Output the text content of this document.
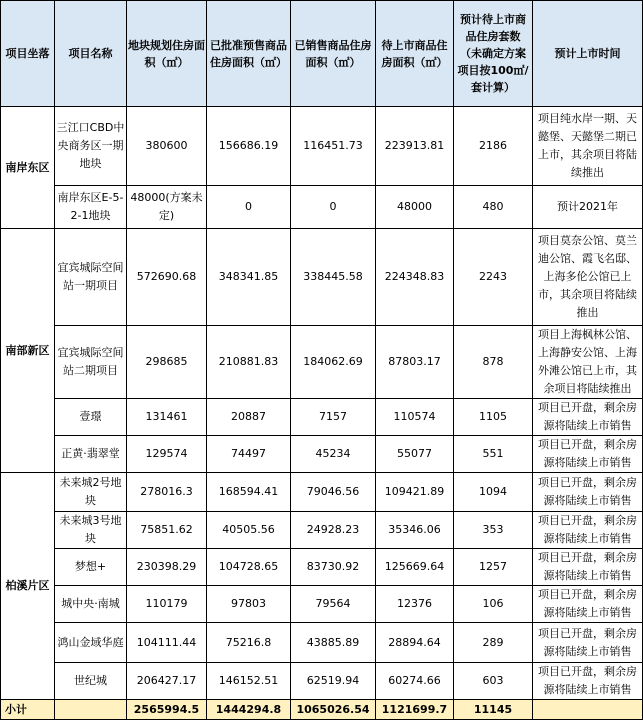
项目坐落	项目名称	地块规划住房面积（㎡）	已批准预售商品住房面积（㎡）	已销售商品住房面积（㎡）	待上市商品住房面积（㎡）	预计待上市商品住房套数（未确定方案项目按100㎡/套计算）	预计上市时间
南岸东区	三江口CBD中央商务区一期地块	380600	156686.19	116451.73	223913.81	2186	项目纯水岸一期、天懿堡、天懿堡二期已上市，其余项目将陆续推出
	南岸东区E-5-2-1地块	48000(方案未定)	0	0	48000	480	预计2021年
南部新区	宜宾城际空间站一期项目	572690.68	348341.85	338445.58	224348.83	2243	项目莫奈公馆、莫兰迪公馆、霞飞名邸、上海多伦公馆已上市，其余项目将陆续推出
	宜宾城际空间站二期项目	298685	210881.83	184062.69	87803.17	878	项目上海枫林公馆、上海静安公馆、上海外滩公馆已上市，其余项目将陆续推出
	壹璟	131461	20887	7157	110574	1105	项目已开盘，剩余房源将陆续上市销售
	正黄·翡翠堂	129574	74497	45234	55077	551	项目已开盘，剩余房源将陆续上市销售
柏溪片区	未来城2号地块	278016.3	168594.41	79046.56	109421.89	1094	项目已开盘，剩余房源将陆续上市销售
	未来城3号地块	75851.62	40505.56	24928.23	35346.06	353	项目已开盘，剩余房源将陆续上市销售
	梦想+	230398.29	104728.65	83730.92	125669.64	1257	项目已开盘，剩余房源将陆续上市销售
	城中央·南城	110179	97803	79564	12376	106	项目已开盘，剩余房源将陆续上市销售
	鸿山金域华庭	104111.44	75216.8	43885.89	28894.64	289	项目已开盘，剩余房源将陆续上市销售
	世纪城	206427.17	146152.51	62519.94	60274.66	603	项目已开盘，剩余房源将陆续上市销售
小计		2565994.5	1444294.8	1065026.54	1121699.7	11145	
